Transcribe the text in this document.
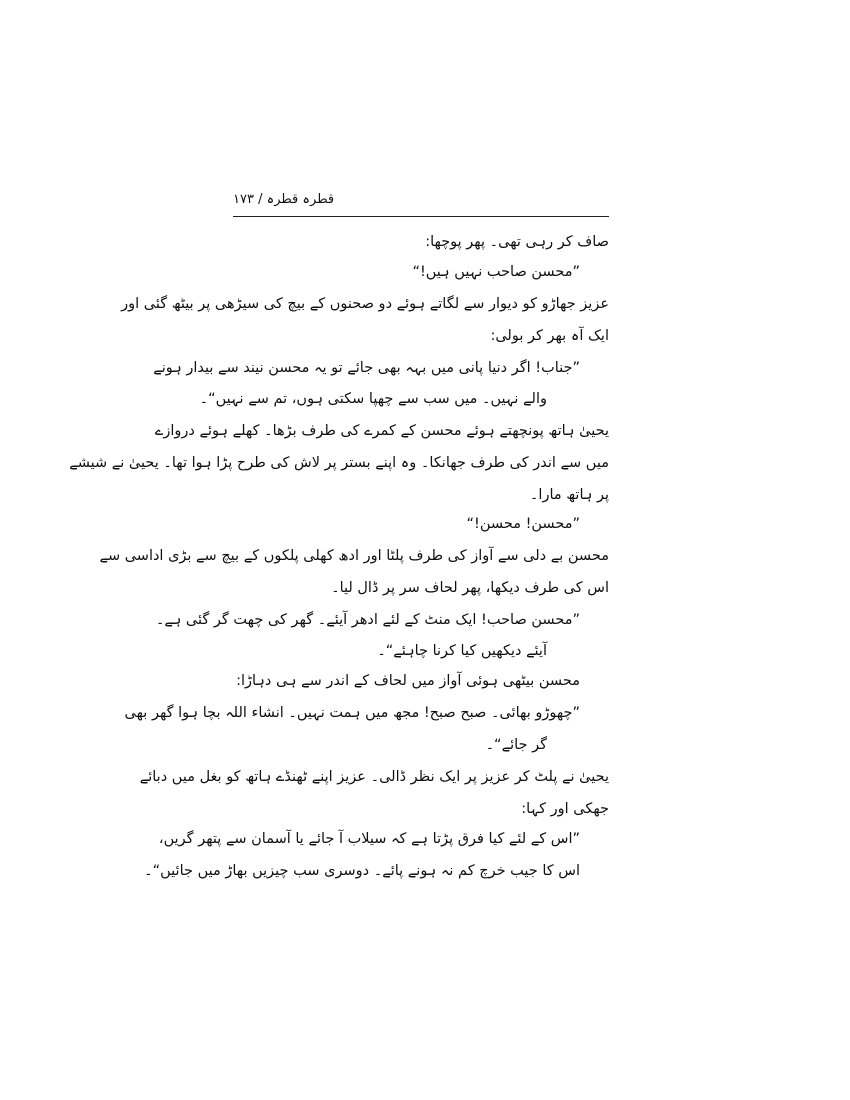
قطرہ قطرہ / ١٧٣
صاف کر رہی تھی۔ پھر پوچھا:
”محسن صاحب نہیں ہیں!“
عزیز جھاڑو کو دیوار سے لگاتے ہوئے دو صحنوں کے بیچ کی سیڑھی پر بیٹھ گئی اور
ایک آہ بھر کر بولی:
”جناب! اگر دنیا پانی میں بہہ بھی جائے تو یہ محسن نیند سے بیدار ہونے
والے نہیں۔ میں سب سے چھپا سکتی ہوں، تم سے نہیں“۔
یحییٰ ہاتھ پونچھتے ہوئے محسن کے کمرے کی طرف بڑھا۔ کھلے ہوئے دروازے
میں سے اندر کی طرف جھانکا۔ وہ اپنے بستر پر لاش کی طرح پڑا ہوا تھا۔ یحییٰ نے شیشے
پر ہاتھ مارا۔
”محسن! محسن!“
محسن بے دلی سے آواز کی طرف پلٹا اور ادھ کھلی پلکوں کے بیچ سے بڑی اداسی سے
اس کی طرف دیکھا، پھر لحاف سر پر ڈال لیا۔
”محسن صاحب! ایک منٹ کے لئے ادھر آیئے۔ گھر کی چھت گر گئی ہے۔
آیئے دیکھیں کیا کرنا چاہئے“۔
محسن بیٹھی ہوئی آواز میں لحاف کے اندر سے ہی دہاڑا:
”چھوڑو بھائی۔ صبح صبح! مجھ میں ہمت نہیں۔ انشاء اللہ بچا ہوا گھر بھی
گر جائے“۔
یحییٰ نے پلٹ کر عزیز پر ایک نظر ڈالی۔ عزیز اپنے ٹھنڈے ہاتھ کو بغل میں دبائے
جھکی اور کہا:
”اس کے لئے کیا فرق پڑتا ہے کہ سیلاب آ جائے یا آسمان سے پتھر گریں،
اس کا جیب خرچ کم نہ ہونے پائے۔ دوسری سب چیزیں بھاڑ میں جائیں“۔
